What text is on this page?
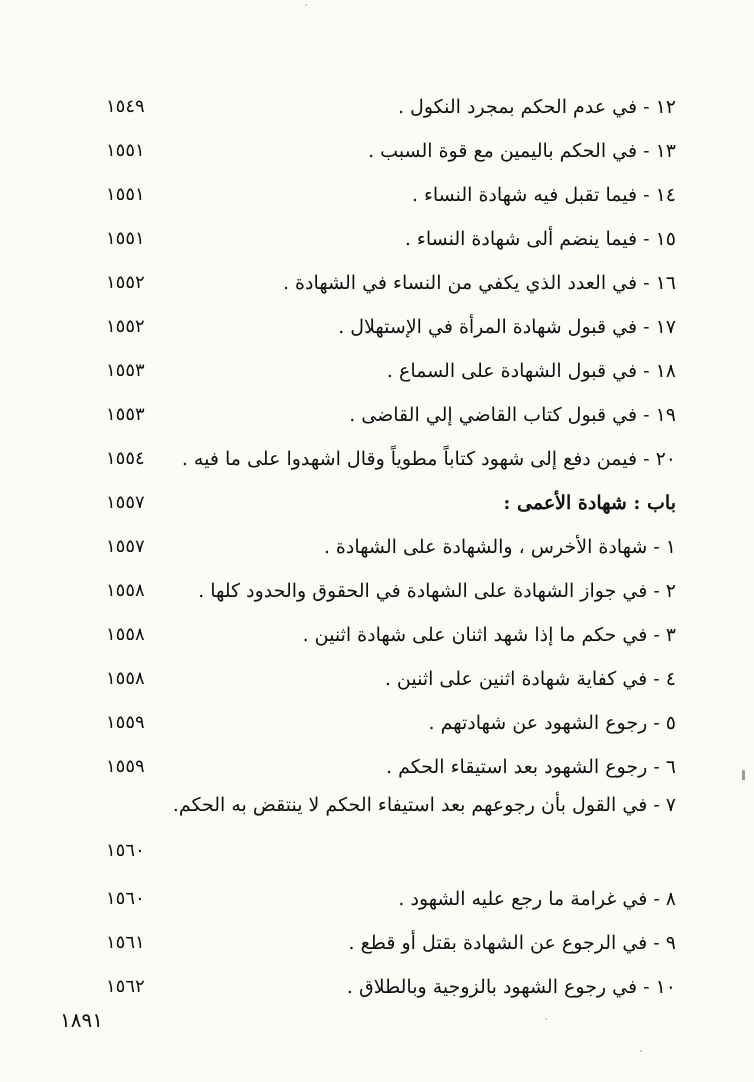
١٢ - في عدم الحكم بمجرد النكول .
١٥٤٩
١٣ - في الحكم باليمين مع قوة السبب .
١٥٥١
١٤ - فيما تقبل فيه شهادة النساء .
١٥٥١
١٥ - فيما ينضم ألى شهادة النساء .
١٥٥١
١٦ - في العدد الذي يكفي من النساء في الشهادة .
١٥٥٢
١٧ - في قبول شهادة المرأة في الإستهلال .
١٥٥٢
١٨ - في قبول الشهادة على السماع .
١٥٥٣
١٩ - في قبول كتاب القاضي إلي القاضى .
١٥٥٣
٢٠ - فيمن دفع إلى شهود كتاباً مطوياً وقال اشهدوا على ما فيه .
١٥٥٤
باب : شهادة الأعمى :
١٥٥٧
١ - شهادة الأخرس ، والشهادة على الشهادة .
١٥٥٧
٢ - في جواز الشهادة على الشهادة في الحقوق والحدود كلها .
١٥٥٨
٣ - في حكم ما إذا شهد اثنان على شهادة اثنين .
١٥٥٨
٤ - في كفاية شهادة اثنين على اثنين .
١٥٥٨
٥ - رجوع الشهود عن شهادتهم .
١٥٥٩
٦ - رجوع الشهود بعد استيقاء الحكم .
١٥٥٩
٧ - في القول بأن رجوعهم بعد استيفاء الحكم لا ينتقض به الحكم.
١٥٦٠
٨ - في غرامة ما رجع عليه الشهود .
١٥٦٠
٩ - في الرجوع عن الشهادة بقتل أو قطع .
١٥٦١
١٠ - في رجوع الشهود بالزوجية وبالطلاق .
١٥٦٢
١٨٩١
